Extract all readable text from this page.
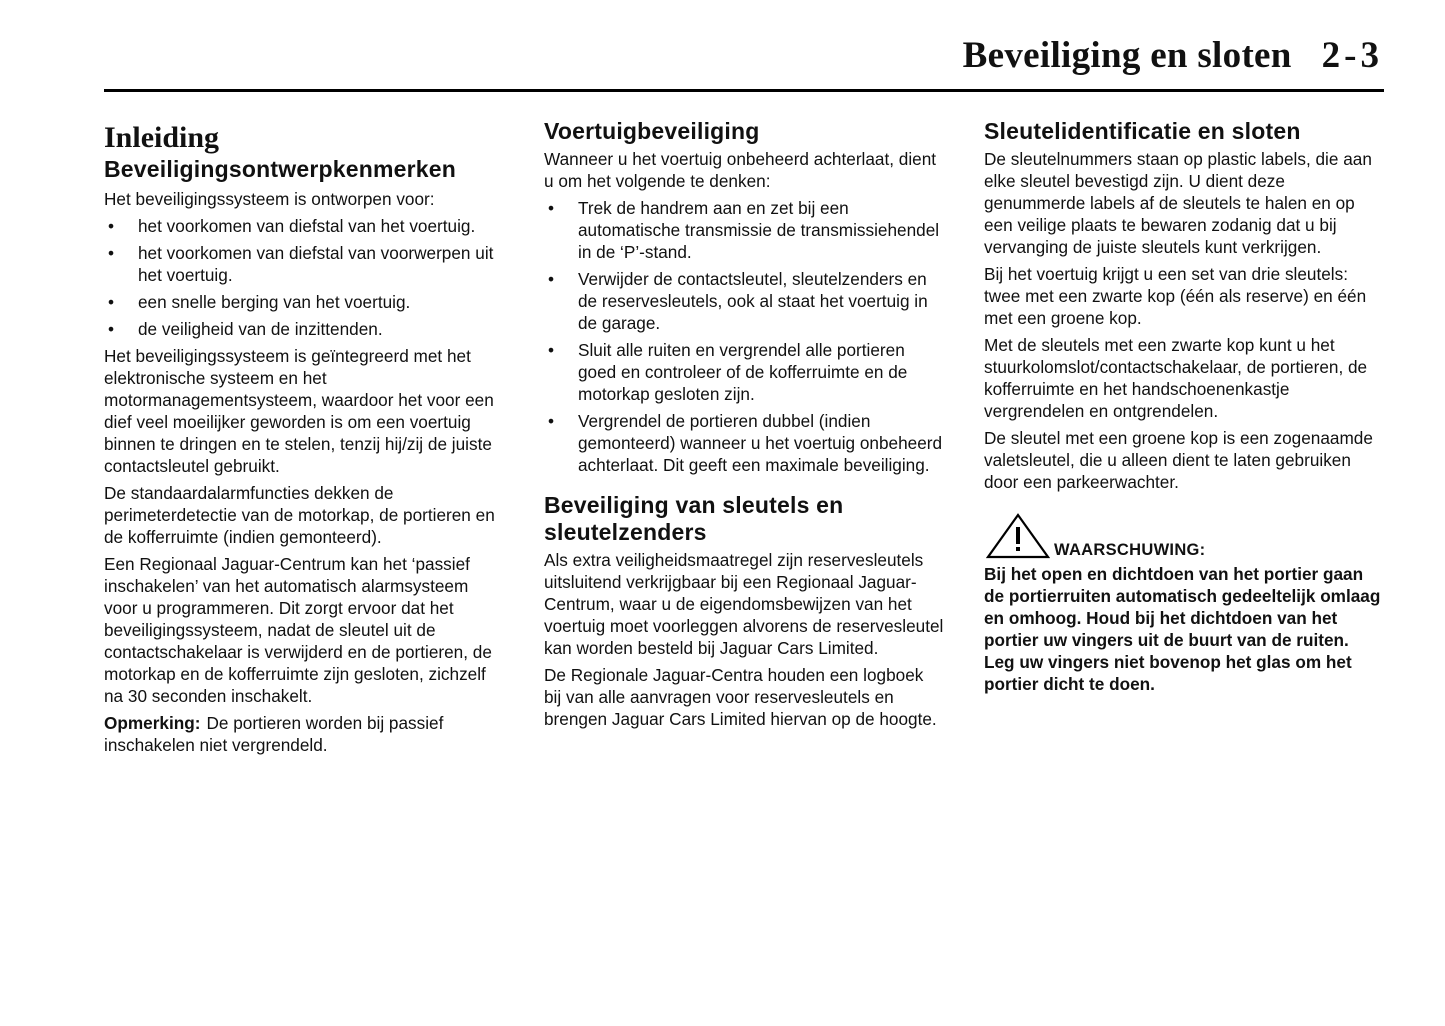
Beveiliging en sloten 2-3
Inleiding
Beveiligingsontwerpkenmerken

Het beveiligingssysteem is ontworpen voor:

• het voorkomen van diefstal van het voertuig.
• het voorkomen van diefstal van voorwerpen uit het voertuig.
• een snelle berging van het voertuig.
• de veiligheid van de inzittenden.

Het beveiligingssysteem is geïntegreerd met het elektronische systeem en het motormanagementsysteem, waardoor het voor een dief veel moeilijker geworden is om een voertuig binnen te dringen en te stelen, tenzij hij/zij de juiste contactsleutel gebruikt.

De standaardalarmfuncties dekken de perimeterdetectie van de motorkap, de portieren en de kofferruimte (indien gemonteerd).

Een Regionaal Jaguar-Centrum kan het ‘passief inschakelen’ van het automatisch alarmsysteem voor u programmeren. Dit zorgt ervoor dat het beveiligingssysteem, nadat de sleutel uit de contactschakelaar is verwijderd en de portieren, de motorkap en de kofferruimte zijn gesloten, zichzelf na 30 seconden inschakelt.

Opmerking: De portieren worden bij passief inschakelen niet vergrendeld.

Voertuigbeveiliging

Wanneer u het voertuig onbeheerd achterlaat, dient u om het volgende te denken:

• Trek de handrem aan en zet bij een automatische transmissie de transmissiehendel in de ‘P’-stand.
• Verwijder de contactsleutel, sleutelzenders en de reservesleutels, ook al staat het voertuig in de garage.
• Sluit alle ruiten en vergrendel alle portieren goed en controleer of de kofferruimte en de motorkap gesloten zijn.
• Vergrendel de portieren dubbel (indien gemonteerd) wanneer u het voertuig onbeheerd achterlaat. Dit geeft een maximale beveiliging.
Beveiliging van sleutels en sleutelzenders

Als extra veiligheidsmaatregel zijn reservesleutels uitsluitend verkrijgbaar bij een Regionaal Jaguar-Centrum, waar u de eigendomsbewijzen van het voertuig moet voorleggen alvorens de reservesleutel kan worden besteld bij Jaguar Cars Limited.

De Regionale Jaguar-Centra houden een logboek bij van alle aanvragen voor reservesleutels en brengen Jaguar Cars Limited hiervan op de hoogte.

Sleutelidentificatie en sloten

De sleutelnummers staan op plastic labels, die aan elke sleutel bevestigd zijn. U dient deze genummerde labels af de sleutels te halen en op een veilige plaats te bewaren zodanig dat u bij vervanging de juiste sleutels kunt verkrijgen.

Bij het voertuig krijgt u een set van drie sleutels: twee met een zwarte kop (één als reserve) en één met een groene kop.

Met de sleutels met een zwarte kop kunt u het stuurkolomslot/contactschakelaar, de portieren, de kofferruimte en het handschoenenkastje vergrendelen en ontgrendelen.

De sleutel met een groene kop is een zogenaamde valetsleutel, die u alleen dient te laten gebruiken door een parkeerwachter.

WAARSCHUWING:

Bij het open en dichtdoen van het portier gaan de portierruiten automatisch gedeeltelijk omlaag en omhoog. Houd bij het dichtdoen van het portier uw vingers uit de buurt van de ruiten. Leg uw vingers niet bovenop het glas om het portier dicht te doen.
